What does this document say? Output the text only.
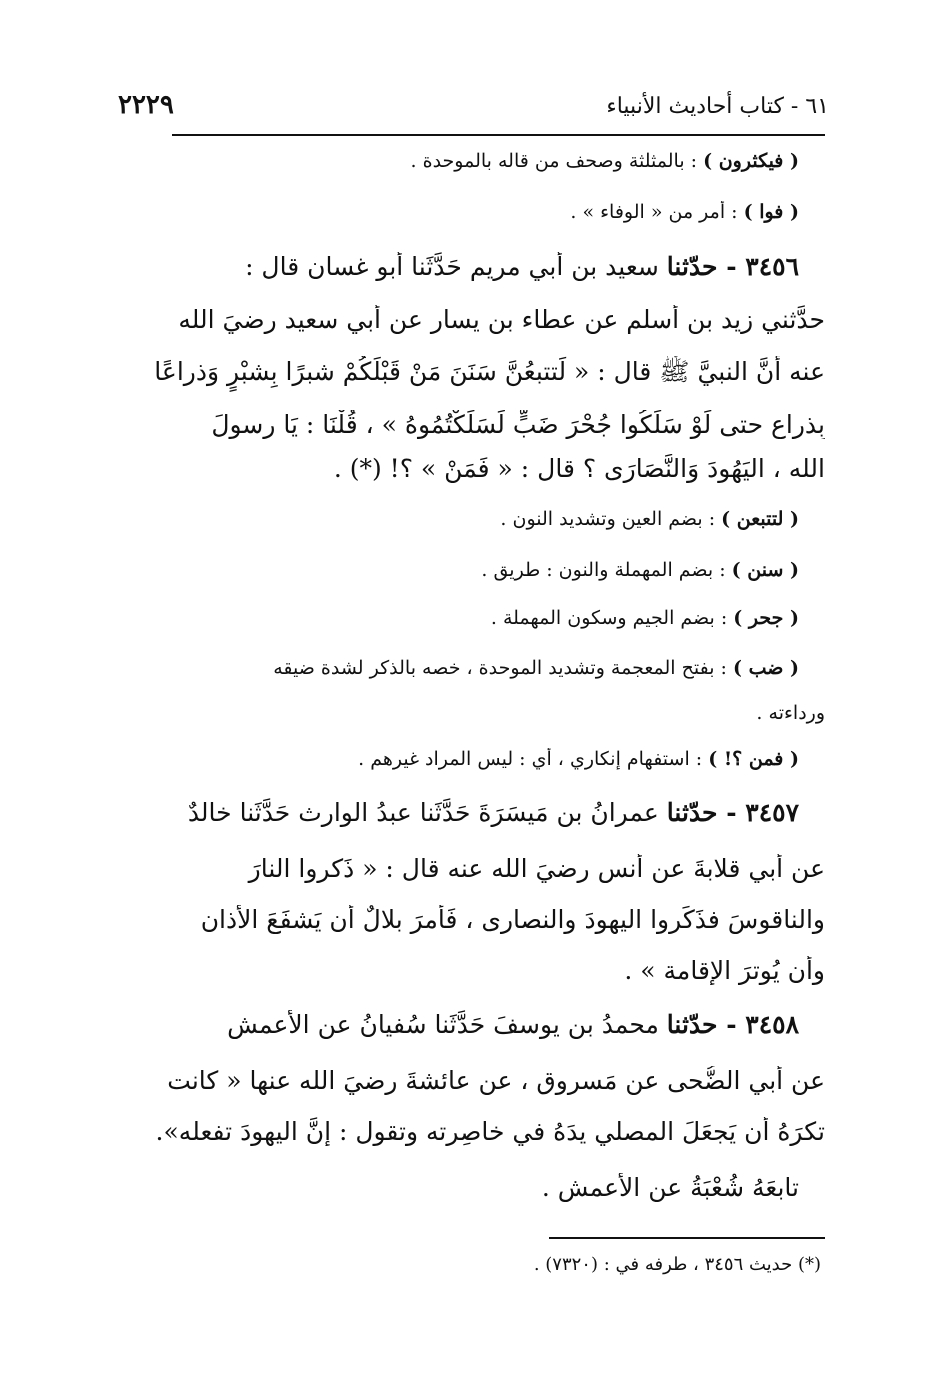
٦١ - كتاب أحاديث الأنبياء
٢٢٢٩
( فيكثرون ) : بالمثلثة وصحف من قاله بالموحدة .
( فوا ) : أمر من « الوفاء » .
٣٤٥٦ - حدّثنا سعيد بن أبي مريم حَدَّثَنا أبو غسان قال :
حدَّثني زيد بن أسلم عن عطاء بن يسار عن أبي سعيد رضيَ الله
عنه أنَّ النبيَّ ﷺ قال : « لَتتبعُنَّ سَنَنَ مَنْ قَبْلَكُمْ شبرًا بِشبْرٍ وَذراعًا
بِذراعٍ حتى لَوْ سَلَكُوا جُحْرَ ضَبٍّ لَسَلَكْتُمُوهُ » ، قُلْنَا : يَا رسولَ
الله ، اليَهُودَ وَالنَّصَارَى ؟ قال : « فَمَنْ » ؟! (*) .
( لتتبعن ) : بضم العين وتشديد النون .
( سنن ) : بضم المهملة والنون : طريق .
( جحر ) : بضم الجيم وسكون المهملة .
( ضب ) : بفتح المعجمة وتشديد الموحدة ، خصه بالذكر لشدة ضيقه
ورداءته .
( فمن ؟! ) : استفهام إنكاري ، أي : ليس المراد غيرهم .
٣٤٥٧ - حدّثنا عمرانُ بن مَيسَرَةَ حَدَّثَنا عبدُ الوارث حَدَّثَنا خالدٌ
عن أبي قلابةَ عن أنسٍ رضيَ الله عنه قال : « ذَكروا النارَ
والناقوسَ فذَكَروا اليهودَ والنصارى ، فَأُمرَ بلالٌ أَن يَشفَعَ الأَذان
وأن يُوترَ الإقامة » .
٣٤٥٨ - حدّثنا محمدُ بن يوسفَ حَدَّثَنا سُفيانُ عن الأعمشِ
عن أبي الضُّحى عن مَسروق ، عن عائشةَ رضيَ الله عنها « كانت
تكرَهُ أَن يَجعَلَ المصلي يدَهُ في خاصِرته وتقول : إنَّ اليهودَ تفعله».
تابعَهُ شُعْبَةُ عنِ الأعمش .
(*) حديث ٣٤٥٦ ، طرفه في : (٧٣٢٠) .
